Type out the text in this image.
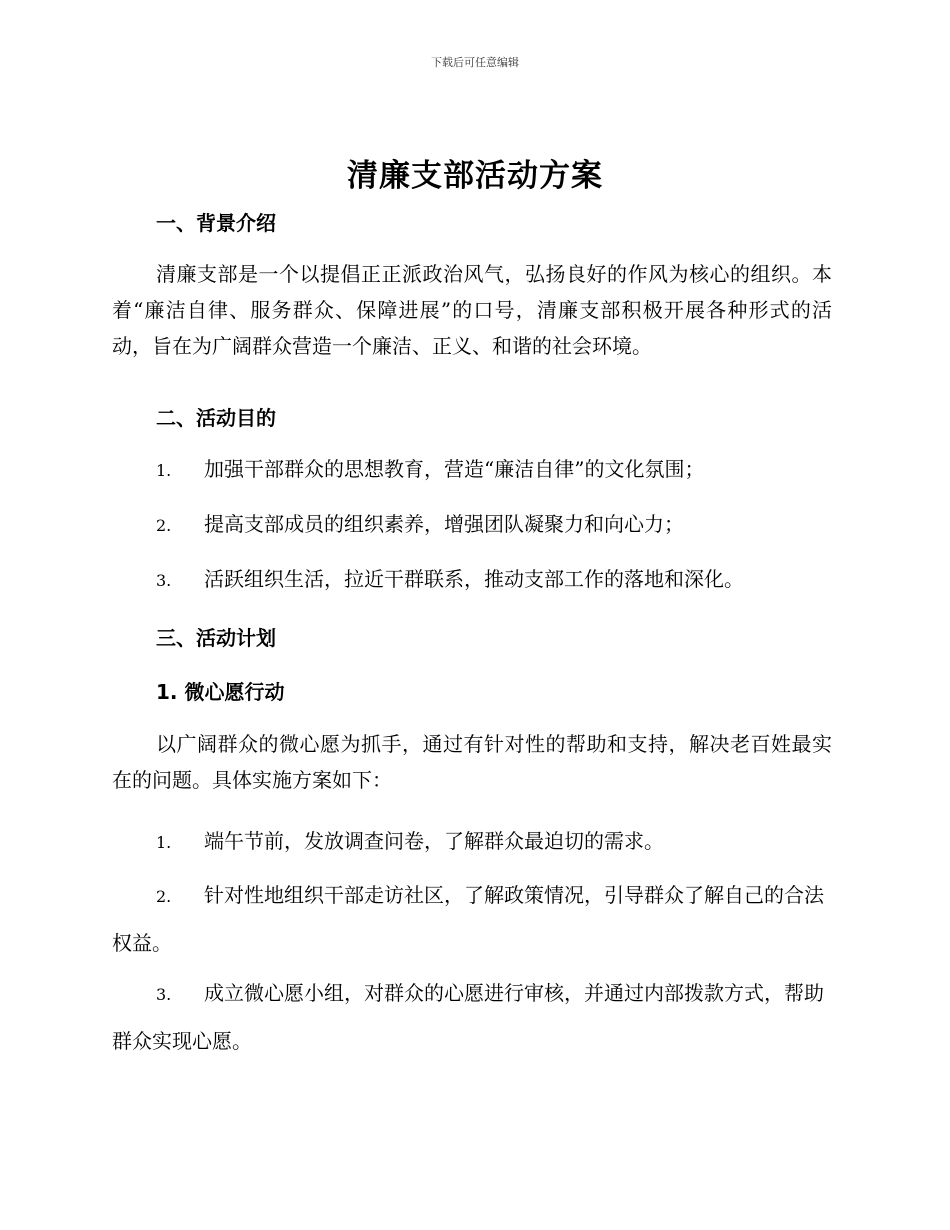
下载后可任意编辑
清廉支部活动方案
一、背景介绍
清廉支部是一个以提倡正正派政治风气，弘扬良好的作风为核心的组织。本着“廉洁自律、服务群众、保障进展”的口号，清廉支部积极开展各种形式的活动，旨在为广阔群众营造一个廉洁、正义、和谐的社会环境。
二、活动目的
1. 加强干部群众的思想教育，营造“廉洁自律”的文化氛围；
2. 提高支部成员的组织素养，增强团队凝聚力和向心力；
3. 活跃组织生活，拉近干群联系，推动支部工作的落地和深化。
三、活动计划
1. 微心愿行动
以广阔群众的微心愿为抓手，通过有针对性的帮助和支持，解决老百姓最实在的问题。具体实施方案如下：
1. 端午节前，发放调查问卷，了解群众最迫切的需求。
2. 针对性地组织干部走访社区，了解政策情况，引导群众了解自己的合法权益。
3. 成立微心愿小组，对群众的心愿进行审核，并通过内部拨款方式，帮助群众实现心愿。
